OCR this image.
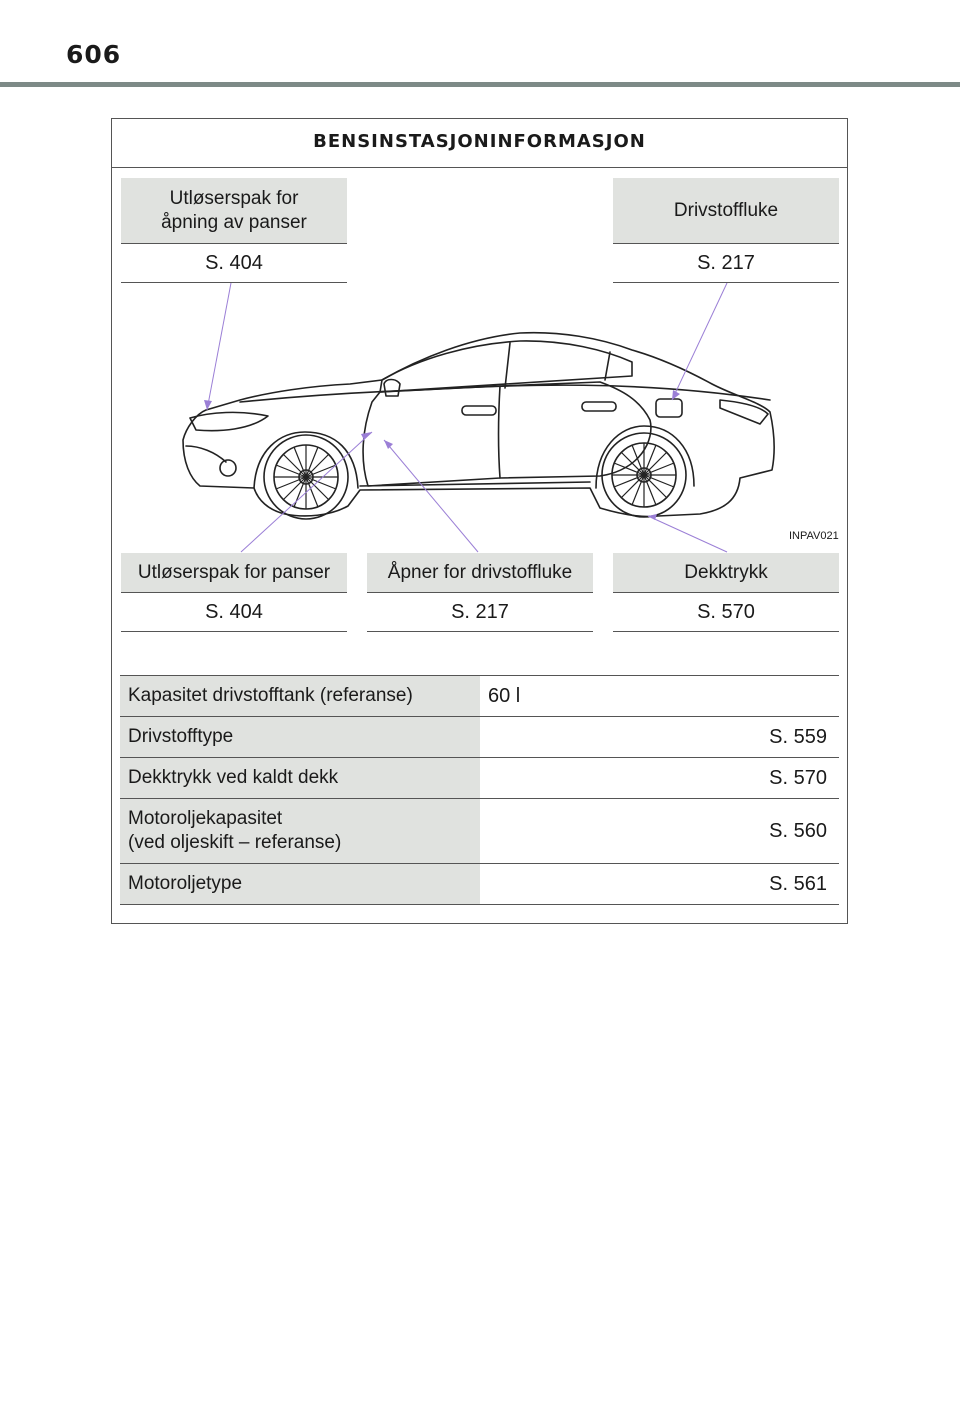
606
BENSINSTASJONINFORMASJON
INPAV021
Utløserspak for
åpning av panser
S. 404
Drivstoffluke
S. 217
Utløserspak for panser
S. 404
Åpner for drivstoffluke
S. 217
Dekktrykk
S. 570
Kapasitet drivstofftank (referanse)	60 l
Drivstofftype	S. 559
Dekktrykk ved kaldt dekk	S. 570
Motoroljekapasitet
(ved oljeskift – referanse)
S. 560
Motoroljetype	S. 561
